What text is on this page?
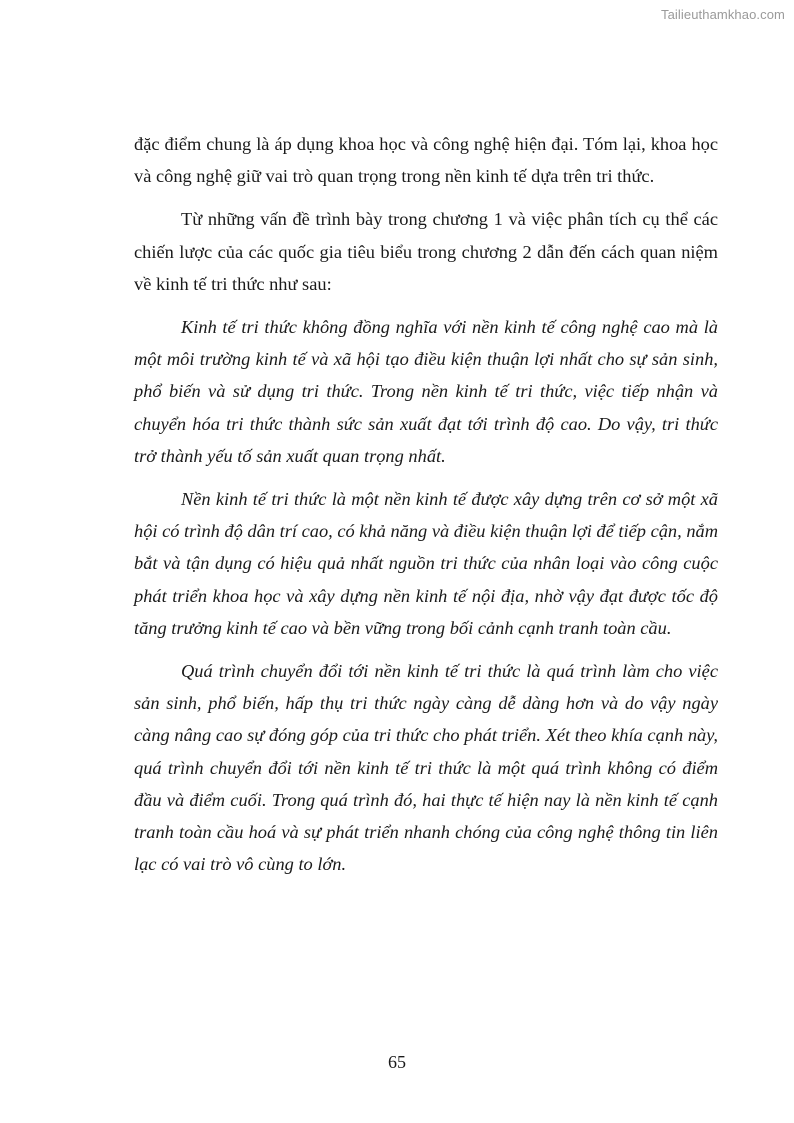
Tailieuthamkhao.com

đặc điểm chung là áp dụng khoa học và công nghệ hiện đại. Tóm lại, khoa học và công nghệ giữ vai trò quan trọng trong nền kinh tế dựa trên tri thức.

Từ những vấn đề trình bày trong chương 1 và việc phân tích cụ thể các chiến lược của các quốc gia tiêu biểu trong chương 2 dẫn đến cách quan niệm về kinh tế tri thức như sau:

Kinh tế tri thức không đồng nghĩa với nền kinh tế công nghệ cao mà là một môi trường kinh tế và xã hội tạo điều kiện thuận lợi nhất cho sự sản sinh, phổ biến và sử dụng tri thức. Trong nền kinh tế tri thức, việc tiếp nhận và chuyển hóa tri thức thành sức sản xuất đạt tới trình độ cao. Do vậy, tri thức trở thành yếu tố sản xuất quan trọng nhất.

Nền kinh tế tri thức là một nền kinh tế được xây dựng trên cơ sở một xã hội có trình độ dân trí cao, có khả năng và điều kiện thuận lợi để tiếp cận, nắm bắt và tận dụng có hiệu quả nhất nguồn tri thức của nhân loại vào công cuộc phát triển khoa học và xây dựng nền kinh tế nội địa, nhờ vậy đạt được tốc độ tăng trưởng kinh tế cao và bền vững trong bối cảnh cạnh tranh toàn cầu.

Quá trình chuyển đổi tới nền kinh tế tri thức là quá trình làm cho việc sản sinh, phổ biến, hấp thụ tri thức ngày càng dễ dàng hơn và do vậy ngày càng nâng cao sự đóng góp của tri thức cho phát triển. Xét theo khía cạnh này, quá trình chuyển đổi tới nền kinh tế tri thức là một quá trình không có điểm đầu và điểm cuối. Trong quá trình đó, hai thực tế hiện nay là nền kinh tế cạnh tranh toàn cầu hoá và sự phát triển nhanh chóng của công nghệ thông tin liên lạc có vai trò vô cùng to lớn.

65
